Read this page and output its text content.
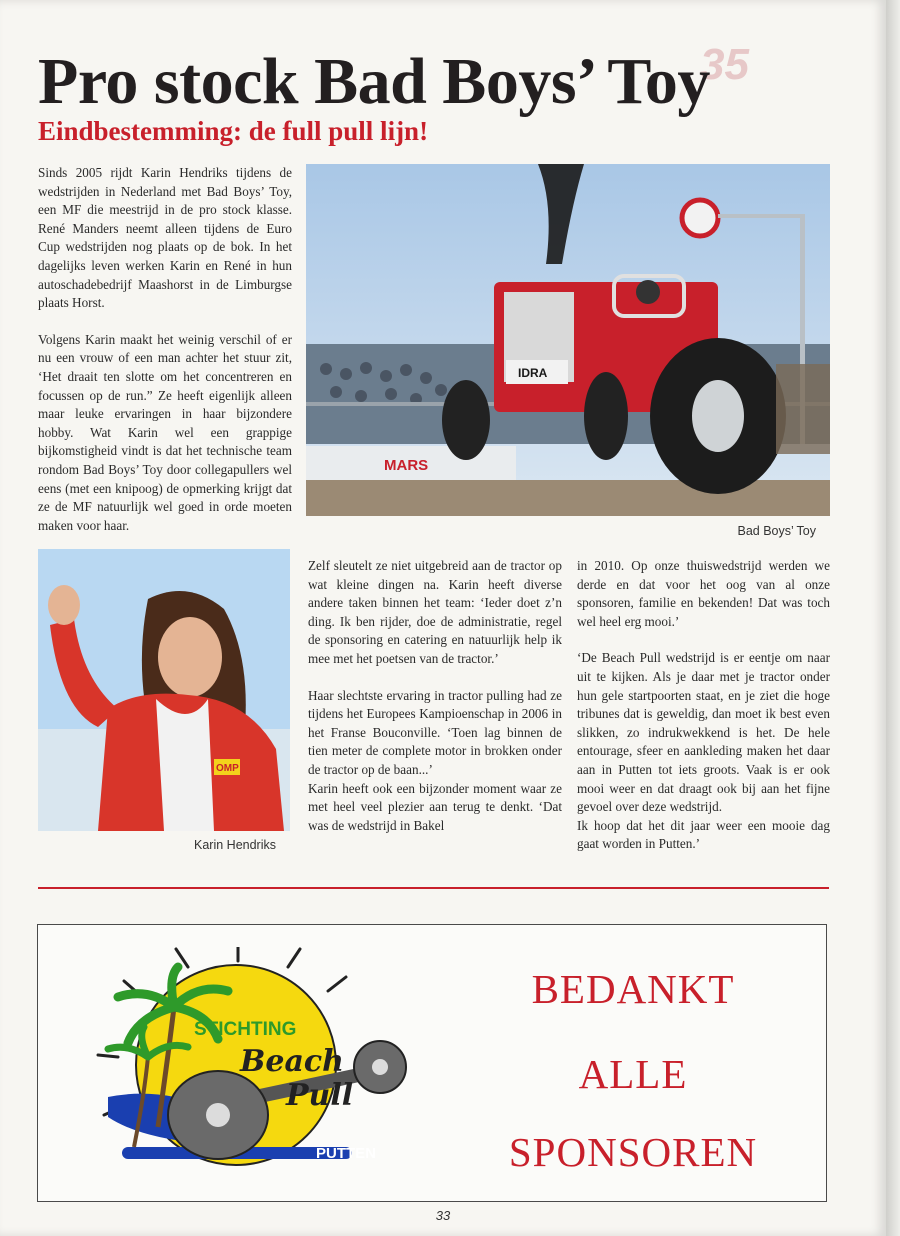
35
Pro stock Bad Boys’ Toy
Eindbestemming: de full pull lijn!

Sinds 2005 rijdt Karin Hendriks tijdens de wedstrijden in Nederland met Bad Boys’ Toy, een MF die meestrijd in de pro stock klasse. René Manders neemt alleen tijdens de Euro Cup wedstrijden nog plaats op de bok. In het dagelijks leven werken Karin en René in hun autoschadebedrijf Maashorst in de Limburgse plaats Horst.

Volgens Karin maakt het weinig verschil of er nu een vrouw of een man achter het stuur zit, ‘Het draait ten slotte om het concentreren en focussen op de run.” Ze heeft eigenlijk alleen maar leuke ervaringen in haar bijzondere hobby. Wat Karin wel een grappige bijkomstigheid vindt is dat het technische team rondom Bad Boys’ Toy door collegapullers wel eens (met een knipoog) de opmerking krijgt dat ze de MF natuurlijk wel goed in orde moeten maken voor haar.

MARS
IDRA
Bad Boys’ Toy
OMP
Karin Hendriks

Zelf sleutelt ze niet uitgebreid aan de tractor op wat kleine dingen na. Karin heeft diverse andere taken binnen het team: ‘Ieder doet z’n ding. Ik ben rijder, doe de administratie, regel de sponsoring en catering en natuurlijk help ik mee met het poetsen van de tractor.’

Haar slechtste ervaring in tractor pulling had ze tijdens het Europees Kampioenschap in 2006 in het Franse Bouconville. ‘Toen lag binnen de tien meter de complete motor in brokken onder de tractor op de baan...’

Karin heeft ook een bijzonder moment waar ze met heel veel plezier aan terug te denkt. ‘Dat was de wedstrijd in Bakel

in 2010. Op onze thuiswedstrijd werden we derde en dat voor het oog van al onze sponsoren, familie en bekenden! Dat was toch wel heel erg mooi.’

‘De Beach Pull wedstrijd is er eentje om naar uit te kijken. Als je daar met je tractor onder hun gele startpoorten staat, en je ziet die hoge tribunes dat is geweldig, dan moet ik best even slikken, zo indrukwekkend is het. De hele entourage, sfeer en aankleding maken het daar aan in Putten tot iets groots. Vaak is er ook mooi weer en dat draagt ook bij aan het fijne gevoel over deze wedstrijd.

Ik hoop dat het dit jaar weer een mooie dag gaat worden in Putten.’

STICHTING
Beach
Pull
PUTTEN
BEDANKT
ALLE
SPONSOREN
33
